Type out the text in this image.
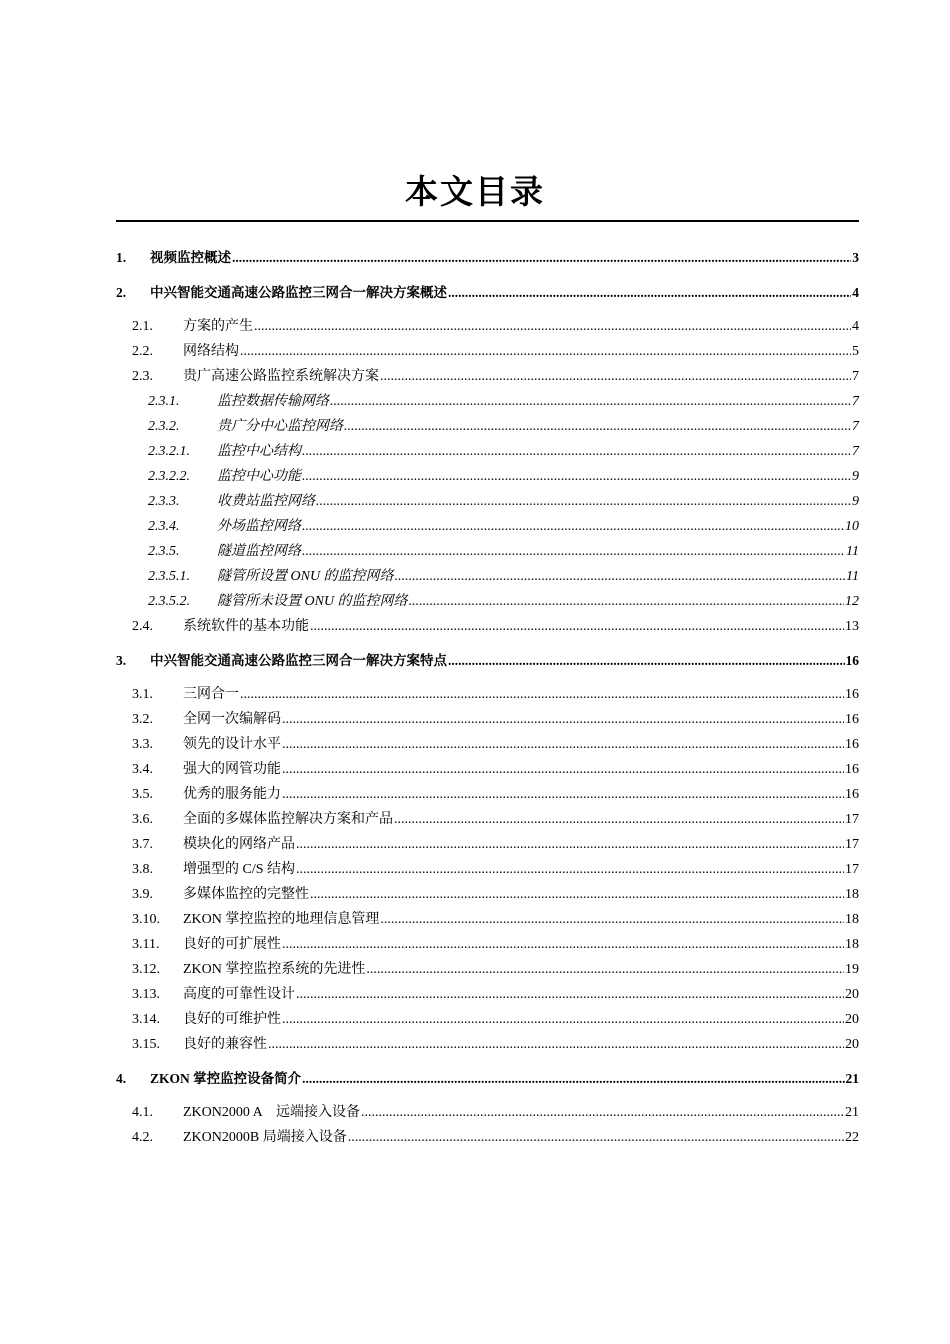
本文目录
1.	视频监控概述 .....	3
2.	中兴智能交通高速公路监控三网合一解决方案概述 .....	4
2.1.	方案的产生 .....	4
2.2.	网络结构 .....	5
2.3.	贵广高速公路监控系统解决方案 .....	7
2.3.1.	监控数据传输网络 .....	7
2.3.2.	贵广分中心监控网络 .....	7
2.3.2.1.	监控中心结构 .....	7
2.3.2.2.	监控中心功能 .....	9
2.3.3.	收费站监控网络 .....	9
2.3.4.	外场监控网络 .....	10
2.3.5.	隧道监控网络 .....	11
2.3.5.1.	隧管所设置 ONU 的监控网络 .....	11
2.3.5.2.	隧管所未设置 ONU 的监控网络 .....	12
2.4.	系统软件的基本功能 .....	13
3.	中兴智能交通高速公路监控三网合一解决方案特点 .....	16
3.1.	三网合一 .....	16
3.2.	全网一次编解码 .....	16
3.3.	领先的设计水平 .....	16
3.4.	强大的网管功能 .....	16
3.5.	优秀的服务能力 .....	16
3.6.	全面的多媒体监控解决方案和产品 .....	17
3.7.	模块化的网络产品 .....	17
3.8.	增强型的 C/S 结构 .....	17
3.9.	多媒体监控的完整性 .....	18
3.10.	ZKON 掌控监控的地理信息管理 .....	18
3.11.	良好的可扩展性 .....	18
3.12.	ZKON 掌控监控系统的先进性 .....	19
3.13.	高度的可靠性设计 .....	20
3.14.	良好的可维护性 .....	20
3.15.	良好的兼容性 .....	20
4.	ZKON 掌控监控设备简介 .....	21
4.1.	ZKON2000 A　远端接入设备 .....	21
4.2.	ZKON2000B 局端接入设备 .....	22
